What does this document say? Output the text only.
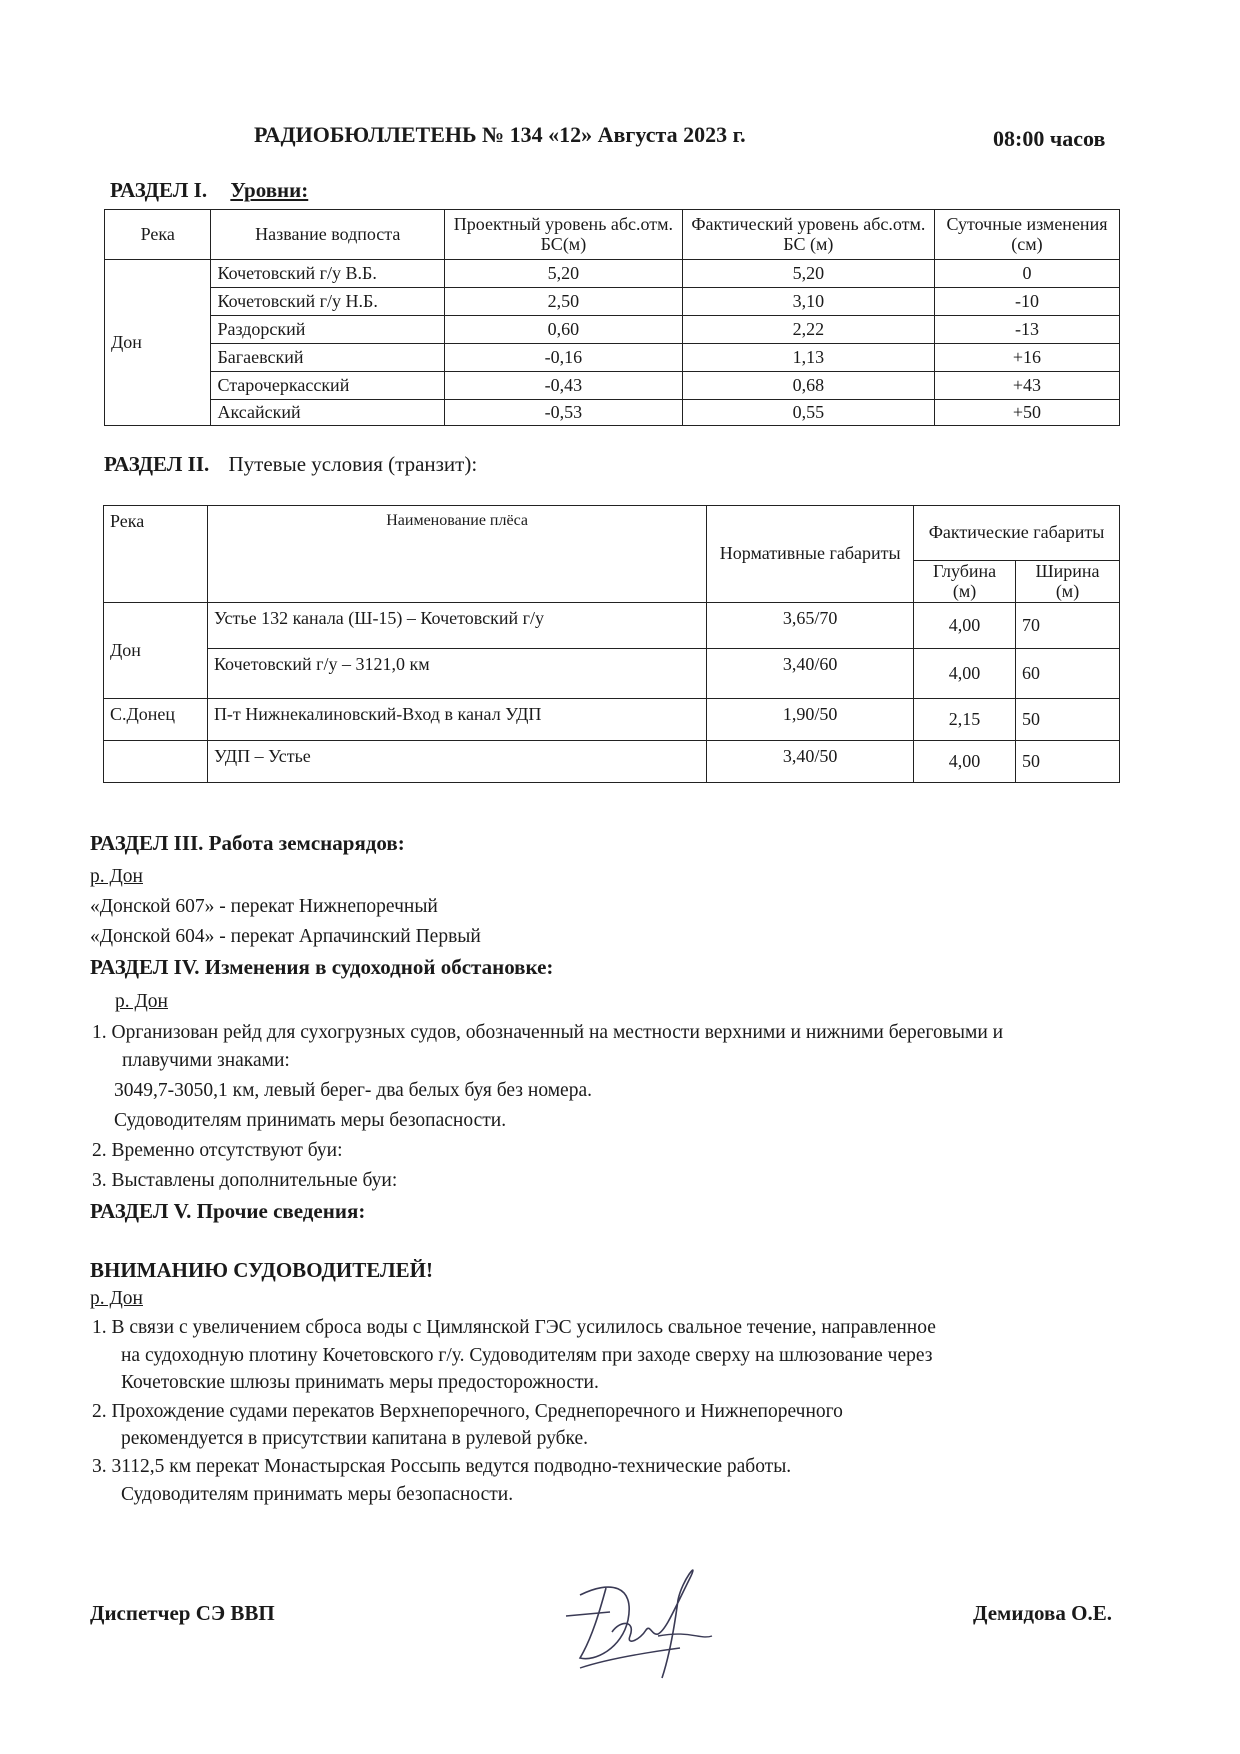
РАДИОБЮЛЛЕТЕНЬ № 134 «12» Августа 2023 г.	08:00 часов
РАЗДЕЛ I. Уровни:
Река	Название водпоста	Проектный уровень абс.отм. БС(м)	Фактический уровень абс.отм. БС (м)	Суточные изменения (см)
Дон	Кочетовский г/у В.Б.	5,20	5,20	0
	Кочетовский г/у Н.Б.	2,50	3,10	-10
	Раздорский	0,60	2,22	-13
	Багаевский	-0,16	1,13	+16
	Старочеркасский	-0,43	0,68	+43
	Аксайский	-0,53	0,55	+50
РАЗДЕЛ II. Путевые условия (транзит):
Река	Наименование плёса	Нормативные габариты	Фактические габариты	
			Глубина (м)	Ширина (м)
Дон	Устье 132 канала (Ш-15) – Кочетовский г/у	3,65/70	4,00	70
	Кочетовский г/у – 3121,0 км	3,40/60	4,00	60
С.Донец	П-т Нижнекалиновский-Вход в канал УДП	1,90/50	2,15	50
	УДП – Устье	3,40/50	4,00	50
РАЗДЕЛ III. Работа земснарядов:
р. Дон
«Донской 607» - перекат Нижнепоречный
«Донской 604» - перекат Арпачинский Первый
РАЗДЕЛ IV. Изменения в судоходной обстановке:
р. Дон
1. Организован рейд для сухогрузных судов, обозначенный на местности верхними и нижними береговыми и
плавучими знаками:
3049,7-3050,1 км, левый берег- два белых буя без номера.
Судоводителям принимать меры безопасности.
2. Временно отсутствуют буи:
3. Выставлены дополнительные буи:
РАЗДЕЛ V. Прочие сведения:
ВНИМАНИЮ СУДОВОДИТЕЛЕЙ!
р. Дон
1. В связи с увеличением сброса воды с Цимлянской ГЭС усилилось свальное течение, направленное
на судоходную плотину Кочетовского г/у. Судоводителям при заходе сверху на шлюзование через
Кочетовские шлюзы принимать меры предосторожности.
2. Прохождение судами перекатов Верхнепоречного, Среднепоречного и Нижнепоречного
рекомендуется в присутствии капитана в рулевой рубке.
3. 3112,5 км перекат Монастырская Россыпь ведутся подводно-технические работы.
Судоводителям принимать меры безопасности.
Диспетчер СЭ ВВП	Демидова О.Е.
